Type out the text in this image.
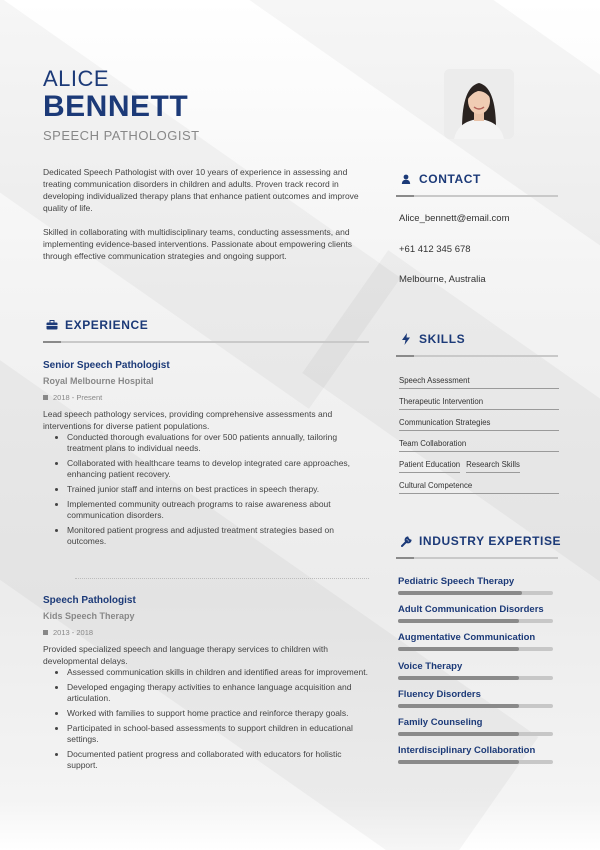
ALICE
BENNETT
SPEECH PATHOLOGIST

Dedicated Speech Pathologist with over 10 years of experience in assessing and treating communication disorders in children and adults. Proven track record in developing individualized therapy plans that enhance patient outcomes and improve quality of life.

Skilled in collaborating with multidisciplinary teams, conducting assessments, and implementing evidence-based interventions. Passionate about empowering clients through effective communication strategies and ongoing support.

CONTACT
Alice_bennett@email.com
+61 412 345 678
Melbourne, Australia
SKILLS
Speech Assessment
Therapeutic Intervention
Communication Strategies
Team Collaboration
Patient Education Research Skills
Cultural Competence
INDUSTRY EXPERTISE
Pediatric Speech Therapy
Adult Communication Disorders
Augmentative Communication
Voice Therapy
Fluency Disorders
Family Counseling
Interdisciplinary Collaboration
EXPERIENCE
Senior Speech Pathologist
Royal Melbourne Hospital
2018 - Present
Lead speech pathology services, providing comprehensive assessments and interventions for diverse patient populations.
Conducted thorough evaluations for over 500 patients annually, tailoring treatment plans to individual needs.
Collaborated with healthcare teams to develop integrated care approaches, enhancing patient recovery.
Trained junior staff and interns on best practices in speech therapy.
Implemented community outreach programs to raise awareness about communication disorders.
Monitored patient progress and adjusted treatment strategies based on outcomes.
Speech Pathologist
Kids Speech Therapy
2013 - 2018
Provided specialized speech and language therapy services to children with developmental delays.
Assessed communication skills in children and identified areas for improvement.
Developed engaging therapy activities to enhance language acquisition and articulation.
Worked with families to support home practice and reinforce therapy goals.
Participated in school-based assessments to support children in educational settings.
Documented patient progress and collaborated with educators for holistic support.
